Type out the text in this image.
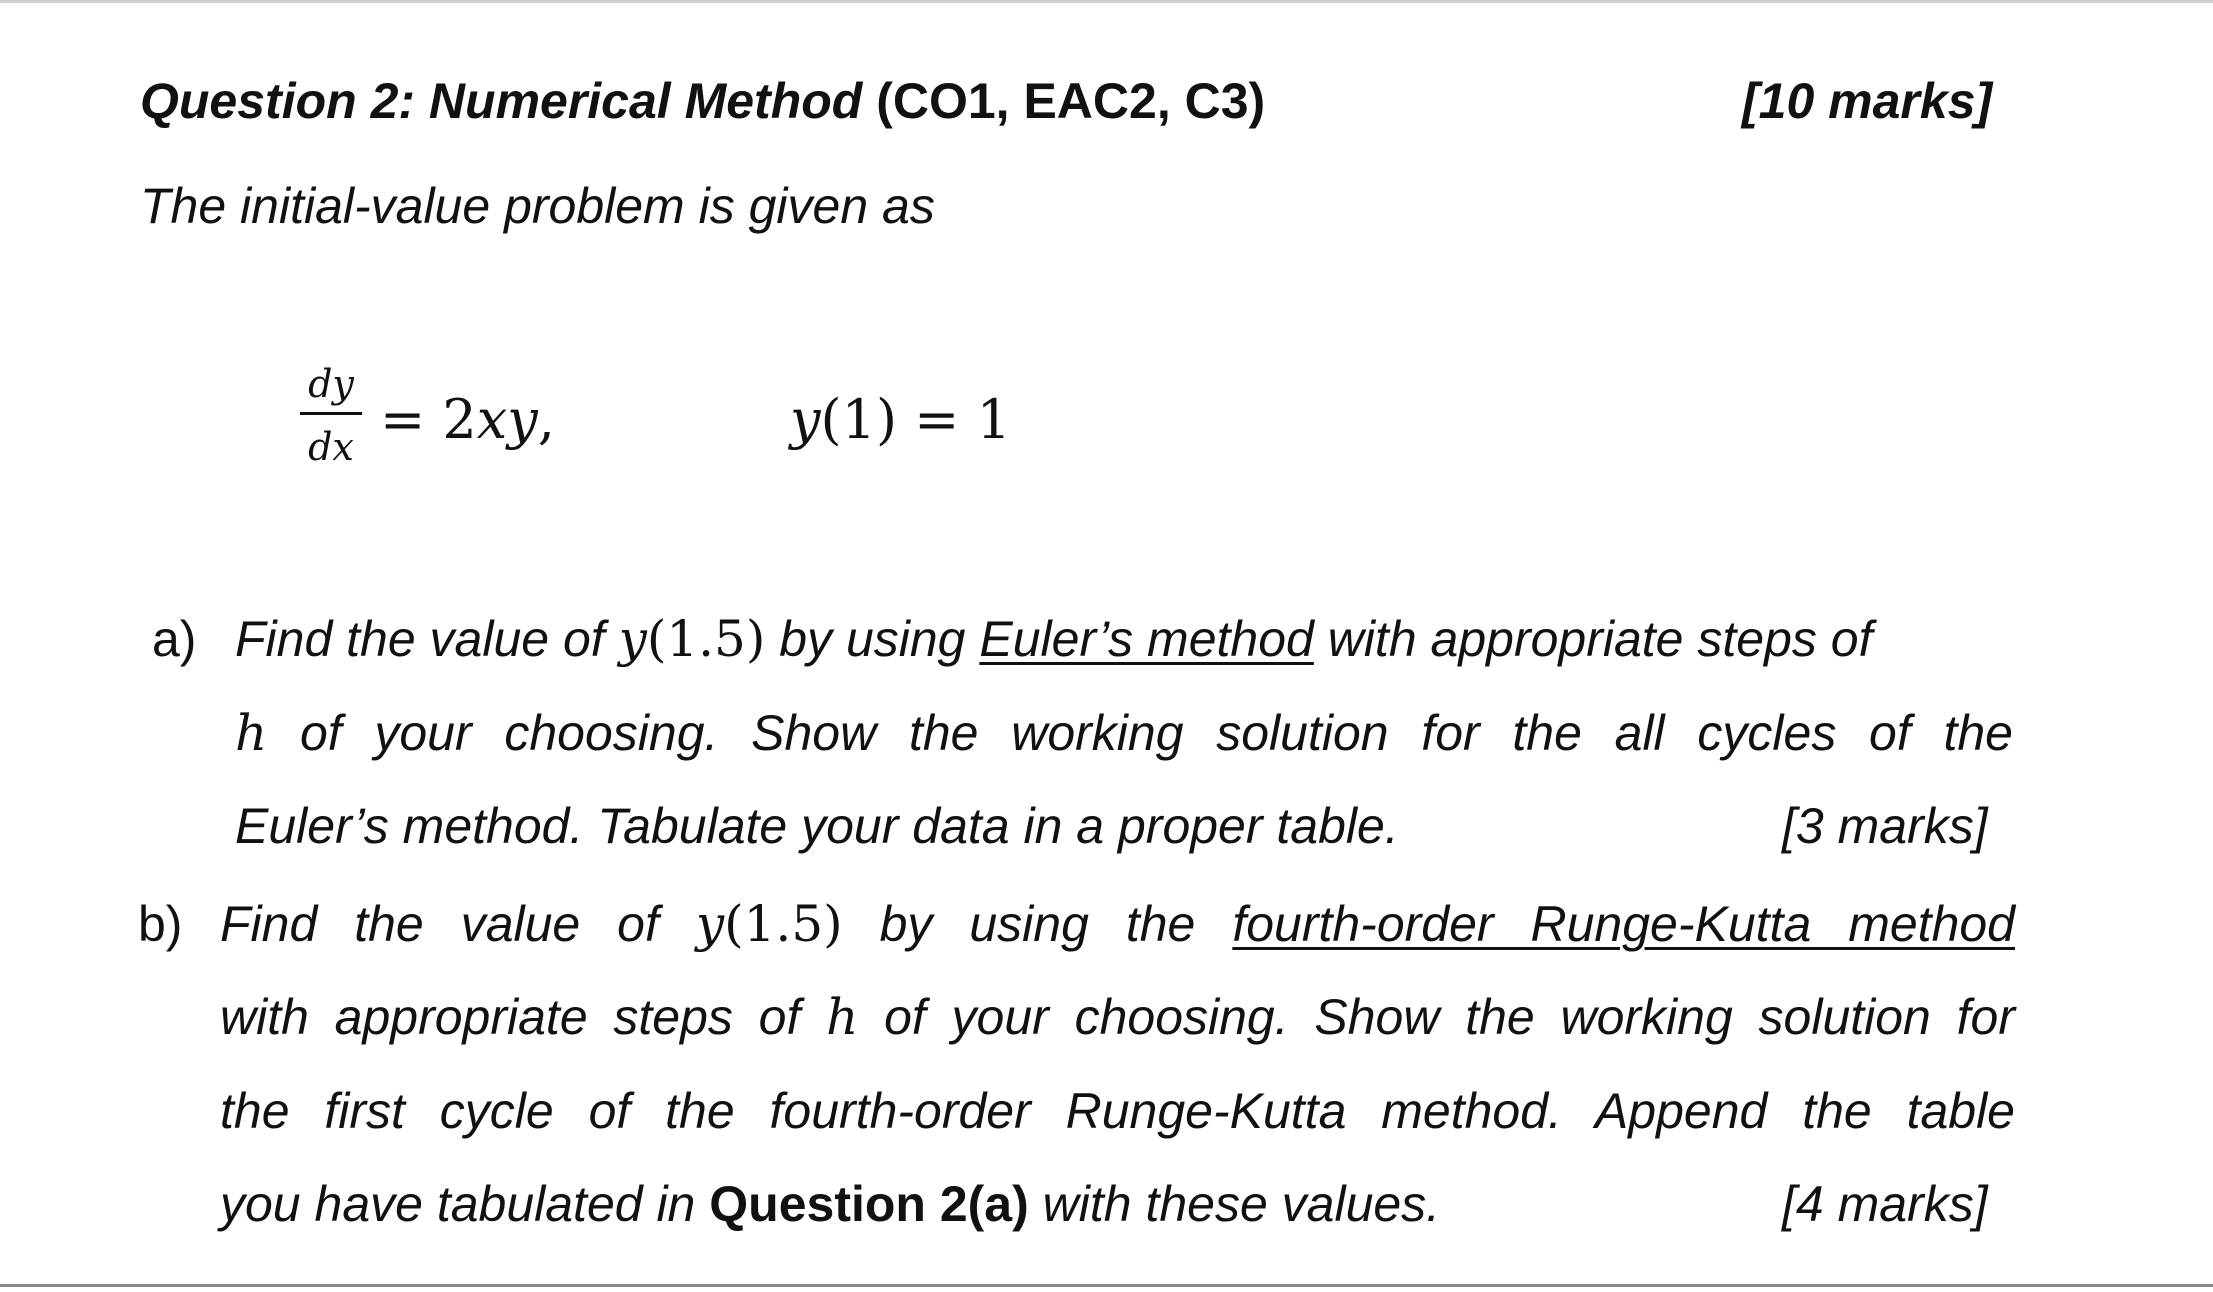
Question 2: Numerical Method (CO1, EAC2, C3)	[10 marks]
The initial-value problem is given as
dy
dx = 2xy,	y(1) = 1
a) Find the value of y(1.5) by using Euler’s method with appropriate steps of
h of your choosing. Show the working solution for the all cycles of the
Euler’s method. Tabulate your data in a proper table.	[3 marks]
b) Find the value of y(1.5) by using the fourth-order Runge-Kutta method
with appropriate steps of h of your choosing. Show the working solution for
the first cycle of the fourth-order Runge-Kutta method. Append the table
you have tabulated in Question 2(a) with these values.	[4 marks]
